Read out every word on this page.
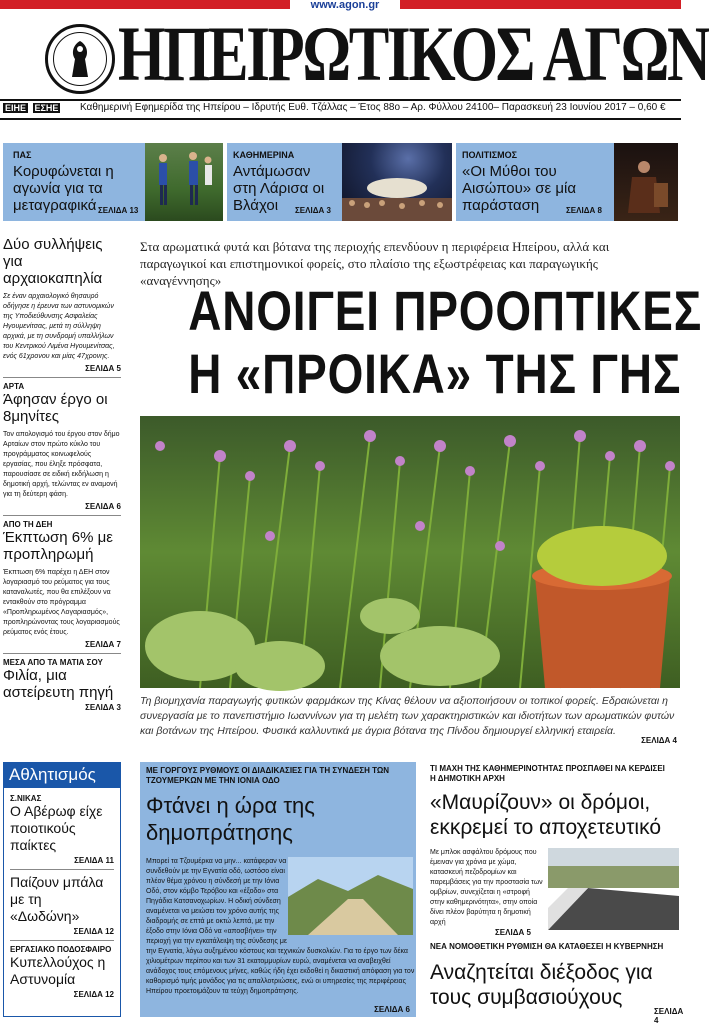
www.agon.gr
ΗΠΕΙΡΩΤΙΚΟΣ ΑΓΩΝ
ΕΙΗΕ ΕΣΗΕ Καθημερινή Εφημερίδα της Ηπείρου – Ιδρυτής Ευθ. Τζάλλας – Έτος 88ο – Αρ. Φύλλου 24100– Παρασκευή 23 Ιουνίου 2017 – 0,60 €
ΠΑΣ
Κορυφώνεται η αγωνία για τα μεταγραφικά ΣΕΛΙΔΑ 13
ΚΑΘΗΜΕΡΙΝΑ
Αντάμωσαν στη Λάρισα οι Βλάχοι	ΣΕΛΙΔΑ 3
ΠΟΛΙΤΙΣΜΟΣ
«Οι Μύθοι του Αισώπου» σε μία παράσταση	ΣΕΛΙΔΑ 8
Δύο συλλήψεις για αρχαιοκαπηλία
Σε έναν αρχαιολογικό θησαυρό οδήγησε η έρευνα των αστυνομικών της Υποδιεύθυνσης Ασφαλείας Ηγουμενίτσας, μετά τη σύλληψη αρχικά, με τη συνδρομή υπαλλήλων του Κεντρικού Λιμένα Ηγουμενίτσας, ενός 61χρονου και μίας 47χρονης.
ΣΕΛΙΔΑ 5
ΑΡΤΑ
Άφησαν έργο οι 8μηνίτες
Τον απολογισμό του έργου στον δήμο Αρταίων στον πρώτο κύκλο του προγράμματος κοινωφελούς εργασίας, που έληξε πρόσφατα, παρουσίασε σε ειδική εκδήλωση η δημοτική αρχή, τελώντας εν αναμονή για τη δεύτερη φάση.
ΣΕΛΙΔΑ 6
ΑΠΟ ΤΗ ΔΕΗ
Έκπτωση 6% με προπληρωμή
Έκπτωση 6% παρέχει η ΔΕΗ στον λογαριασμό του ρεύματος για τους καταναλωτές, που θα επιλέξουν να εντακθούν στο πρόγραμμα «Προπληρωμένος Λογαριασμός», προπληρώνοντας τους λογαριασμούς ρεύματος ενός έτους.
ΣΕΛΙΔΑ 7
ΜΕΣΑ ΑΠΟ ΤΑ ΜΑΤΙΑ ΣΟΥ
Φιλία, μια αστείρευτη πηγή
ΣΕΛΙΔΑ 3
Στα αρωματικά φυτά και βότανα της περιοχής επενδύουν η περιφέρεια Ηπείρου, αλλά και παραγωγικοί και επιστημονικοί φορείς, στο πλαίσιο της εξωστρέφειας και παραγωγικής «αναγέννησης»
ΑΝΟΙΓΕΙ ΠΡΟΟΠΤΙΚΕΣ
Η «ΠΡΟΙΚΑ» ΤΗΣ ΓΗΣ
Τη βιομηχανία παραγωγής φυτικών φαρμάκων της Κίνας θέλουν να αξιοποιήσουν οι τοπικοί φορείς. Εδραιώνεται η συνεργασία με το πανεπιστήμιο Ιωαννίνων για τη μελέτη των χαρακτηριστικών και ιδιοτήτων των αρωματικών φυτών και βοτάνων της Ηπείρου. Φυσικά καλλυντικά με άγρια βότανα της Πίνδου δημιουργεί ελληνική εταιρεία.
ΣΕΛΙΔΑ 4
Αθλητισμός
Σ.ΝΙΚΑΣ
Ο Αβέρωφ είχε ποιοτικούς παίκτες
ΣΕΛΙΔΑ 11
Παίζουν μπάλα με τη «Δωδώνη»
ΣΕΛΙΔΑ 12
ΕΡΓΑΣΙΑΚΟ ΠΟΔΟΣΦΑΙΡΟ
Κυπελλούχος η Αστυνομία
ΣΕΛΙΔΑ 12
ΜΕ ΓΟΡΓΟΥΣ ΡΥΘΜΟΥΣ ΟΙ ΔΙΑΔΙΚΑΣΙΕΣ ΓΙΑ ΤΗ ΣΥΝΔΕΣΗ ΤΩΝ ΤΖΟΥΜΕΡΚΩΝ ΜΕ ΤΗΝ ΙΟΝΙΑ ΟΔΟ
Φτάνει η ώρα της δημοπράτησης
Μπορεί τα Τζουμέρκα να μην... κατάφεραν να συνδεθούν με την Εγνατία οδό, ωστόσο είναι πλέον θέμα χρόνου η σύνδεσή με την Ιόνια Οδό, στον κόμβο Τερόβου και «έξοδο» στα Πηγάδια Κατσανοχωρίων. Η οδική σύνδεση αναμένεται να μειώσει τον χρόνο αυτής της διαδρομής σε επτά με οκτώ λεπτά, με την έξοδο στην Ιόνια Οδό να «αποσβήνει» την περιοχή για την εγκατάλειψη της σύνδεσης με την Εγνατία, λόγω αυξημένου κόστους και τεχνικών δυσκολιών. Για το έργο των δέκα χιλιομέτρων περίπου και των 31 εκατομμυρίων ευρώ, αναμένεται να αναβειχθεί ανάδοχος τους επόμενους μήνες, καθώς ήδη έχει εκδοθεί η δικαστική απόφαση για τον καθορισμό τιμής μονάδος για τις απαλλοτριώσεις, ενώ οι υπηρεσίες της περιφέρειας Ηπείρου προετοιμάζουν τα τεύχη δημοπράτησης.
ΣΕΛΙΔΑ 6
ΤΙ ΜΑΧΗ ΤΗΣ ΚΑΘΗΜΕΡΙΝΟΤΗΤΑΣ ΠΡΟΣΠΑΘΕΙ ΝΑ ΚΕΡΔΙΣΕΙ Η ΔΗΜΟΤΙΚΗ ΑΡΧΗ
«Μαυρίζουν» οι δρόμοι, εκκρεμεί το αποχετευτικό
Με μπλοκ ασφάλτου δρόμους που έμειναν για χρόνια με χώμα, κατασκευή πεζοδρομίων και παρεμβάσεις για την προστασία των ομβρίων, συνεχίζεται η «στροφή στην καθημερινότητα», στην οποία δίνει πλέον βαρύτητα η δημοτική αρχή
ΣΕΛΙΔΑ 5
ΝΕΑ ΝΟΜΟΘΕΤΙΚΗ ΡΥΘΜΙΣΗ ΘΑ ΚΑΤΑΘΕΣΕΙ Η ΚΥΒΕΡΝΗΣΗ
Αναζητείται διέξοδος για τους συμβασιούχους
ΣΕΛΙΔΑ 4
